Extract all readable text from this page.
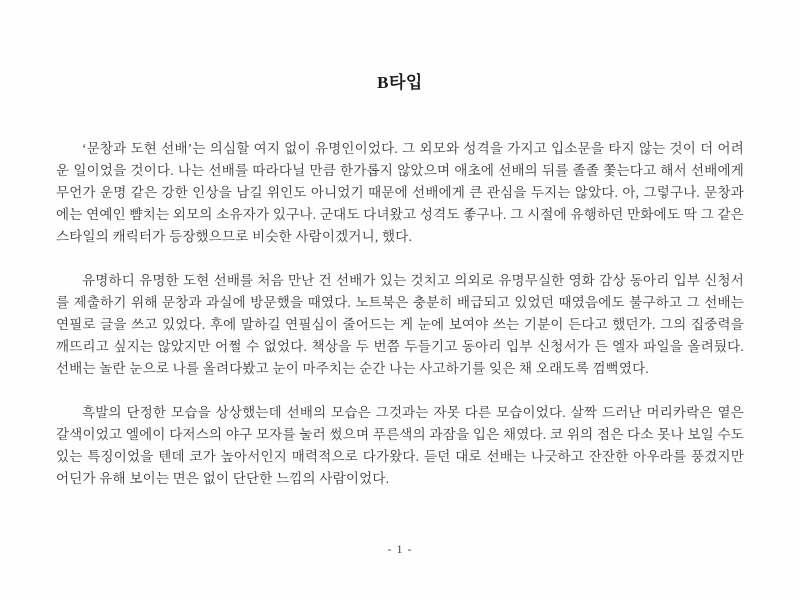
B타입

‘문창과 도현 선배’는 의심할 여지 없이 유명인이었다. 그 외모와 성격을 가지고 입소문을 타지 않는 것이 더 어려운 일이었을 것이다. 나는 선배를 따라다닐 만큼 한가롭지 않았으며 애초에 선배의 뒤를 졸졸 쫓는다고 해서 선배에게 무언가 운명 같은 강한 인상을 남길 위인도 아니었기 때문에 선배에게 큰 관심을 두지는 않았다. 아, 그렇구나. 문창과에는 연예인 뺨치는 외모의 소유자가 있구나. 군대도 다녀왔고 성격도 좋구나. 그 시절에 유행하던 만화에도 딱 그 같은 스타일의 캐릭터가 등장했으므로 비슷한 사람이겠거니, 했다.

유명하디 유명한 도현 선배를 처음 만난 건 선배가 있는 것치고 의외로 유명무실한 영화 감상 동아리 입부 신청서를 제출하기 위해 문창과 과실에 방문했을 때였다. 노트북은 충분히 배급되고 있었던 때였음에도 불구하고 그 선배는 연필로 글을 쓰고 있었다. 후에 말하길 연필심이 줄어드는 게 눈에 보여야 쓰는 기분이 든다고 했던가. 그의 집중력을 깨뜨리고 싶지는 않았지만 어쩔 수 없었다. 책상을 두 번쯤 두들기고 동아리 입부 신청서가 든 엘자 파일을 올려뒀다. 선배는 놀란 눈으로 나를 올려다봤고 눈이 마주치는 순간 나는 사고하기를 잊은 채 오래도록 껌뻑였다.

흑발의 단정한 모습을 상상했는데 선배의 모습은 그것과는 자못 다른 모습이었다. 살짝 드러난 머리카락은 옅은 갈색이었고 엘에이 다저스의 야구 모자를 눌러 썼으며 푸른색의 과잠을 입은 채였다. 코 위의 점은 다소 못나 보일 수도 있는 특징이었을 텐데 코가 높아서인지 매력적으로 다가왔다. 듣던 대로 선배는 나긋하고 잔잔한 아우라를 풍겼지만 어딘가 유해 보이는 면은 없이 단단한 느낌의 사람이었다.

- 1 -
